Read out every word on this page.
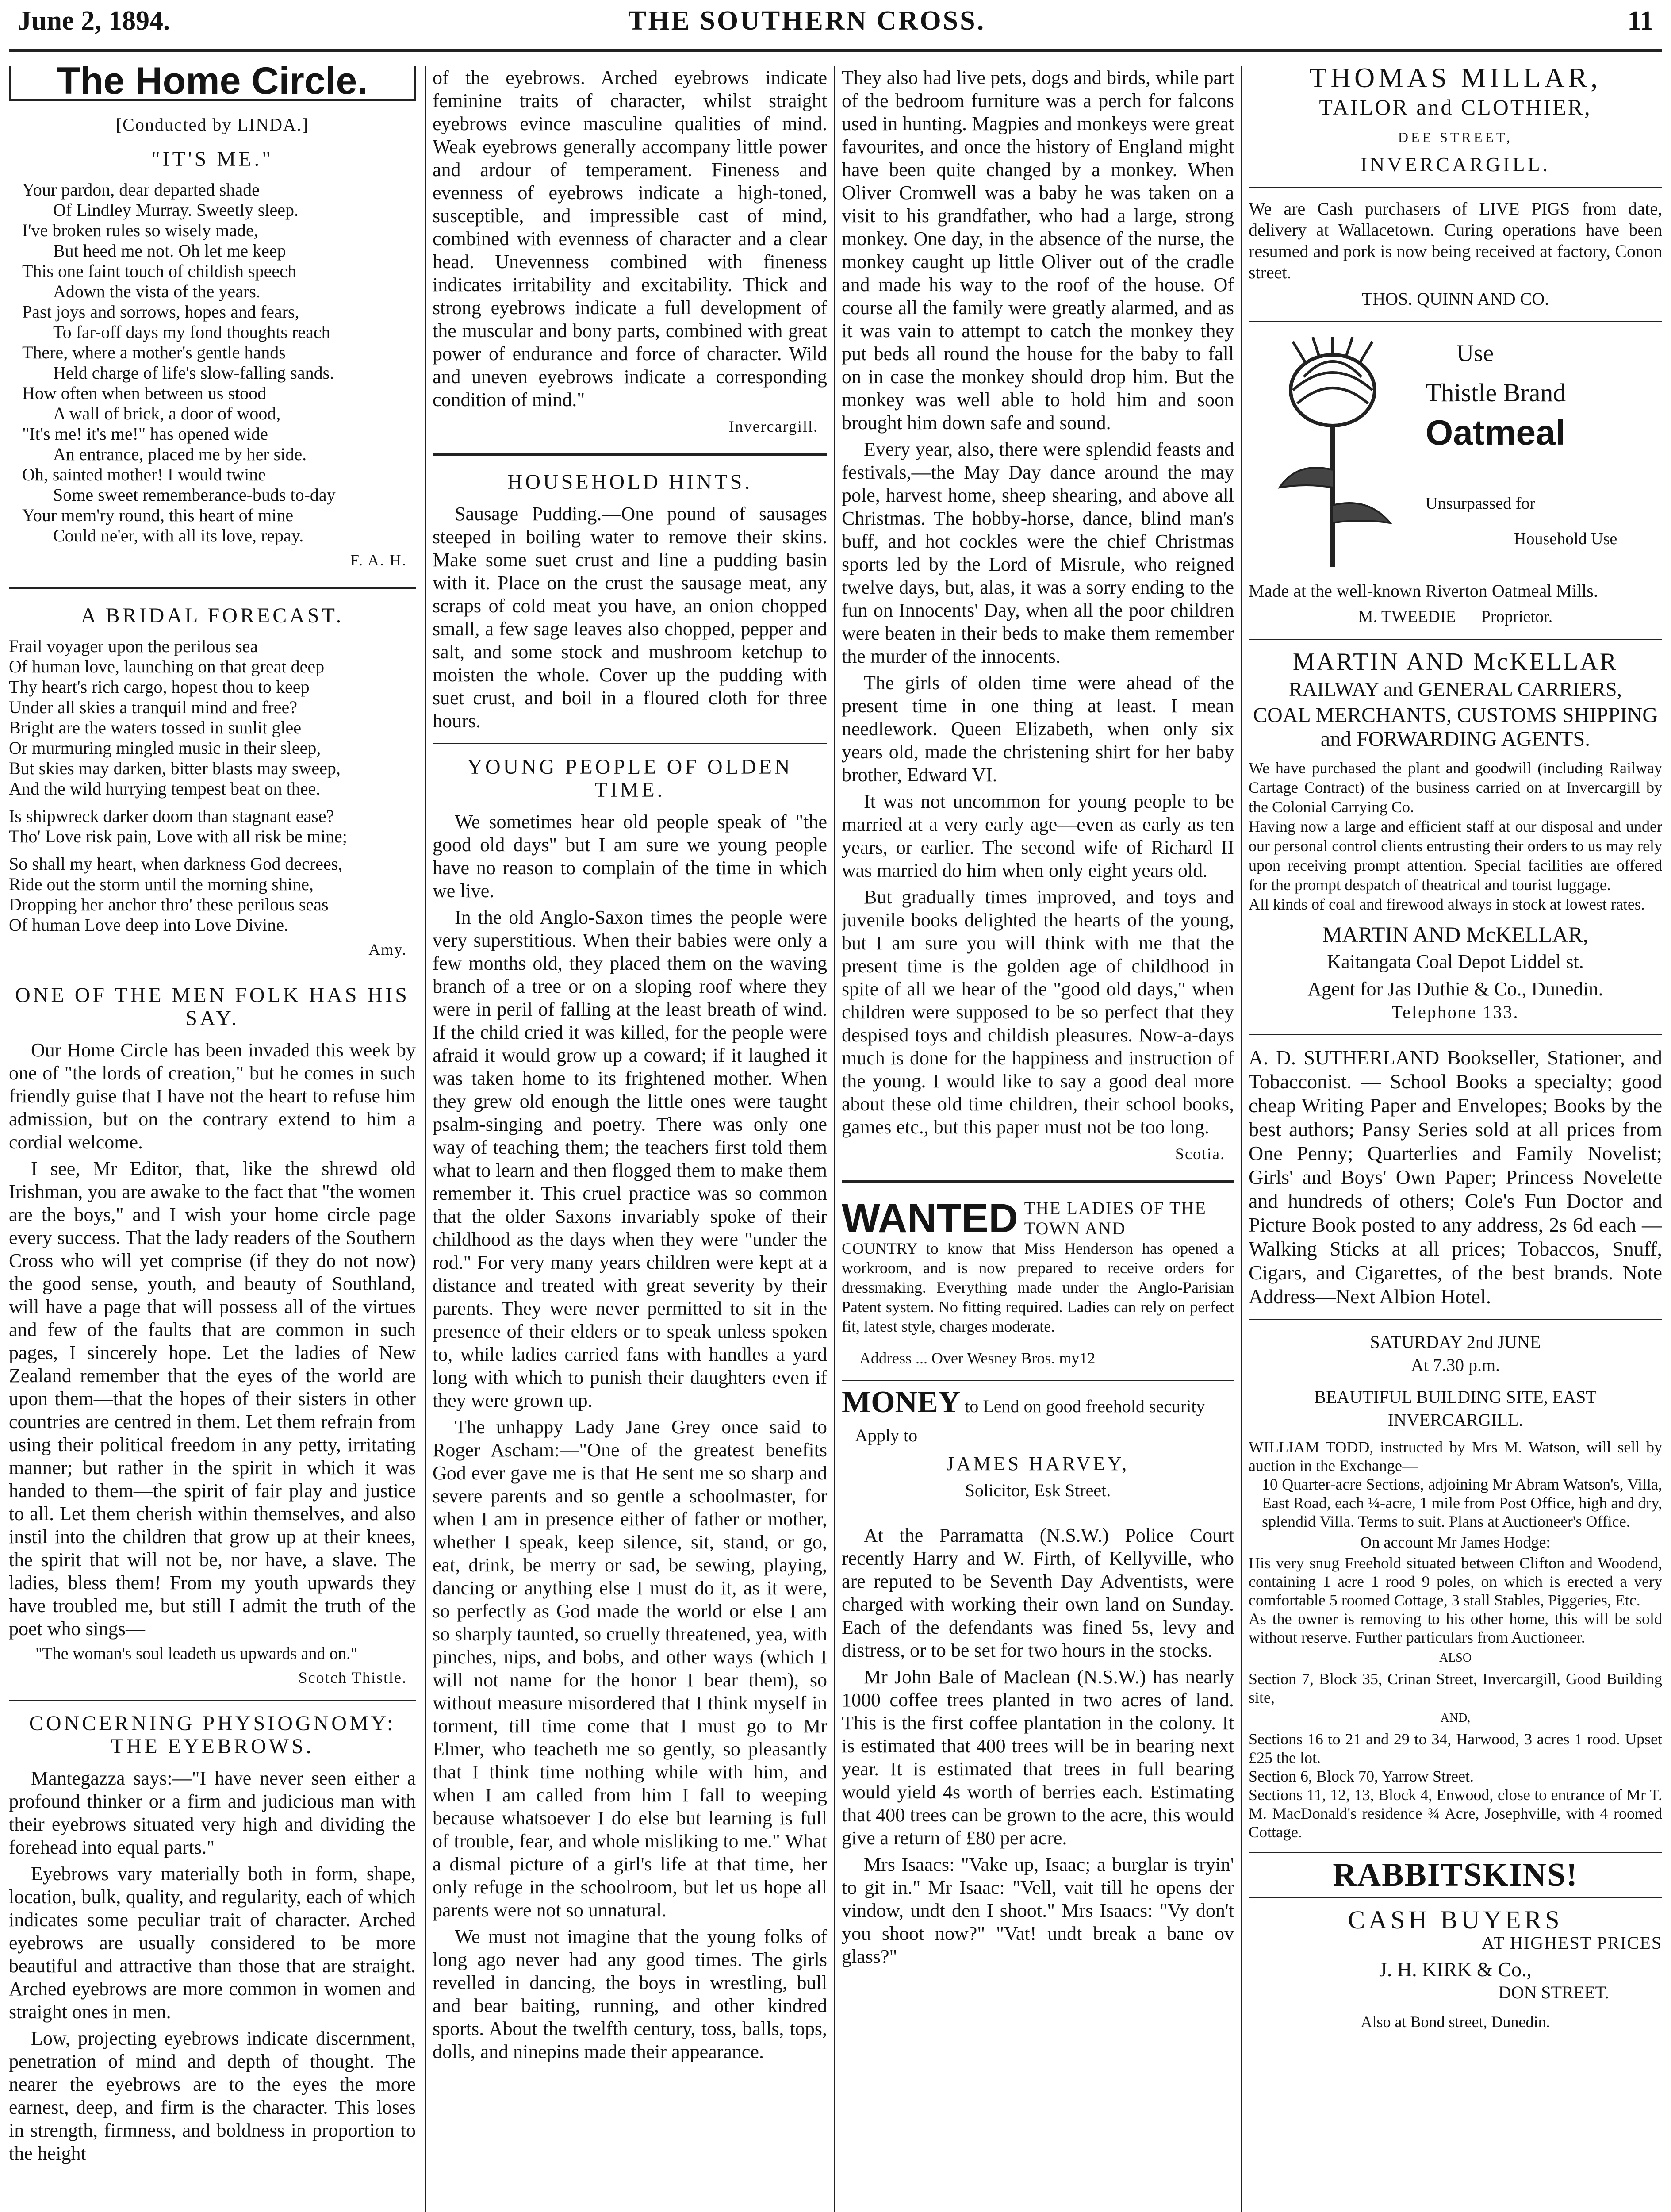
June 2, 1894.	THE SOUTHERN CROSS.	11
The Home Circle.
[Conducted by LINDA.]
"IT'S ME."
Your pardon, dear departed shade
Of Lindley Murray. Sweetly sleep.
I've broken rules so wisely made,
But heed me not. Oh let me keep
This one faint touch of childish speech
Adown the vista of the years.
Past joys and sorrows, hopes and fears,
To far-off days my fond thoughts reach
There, where a mother's gentle hands
Held charge of life's slow-falling sands.
How often when between us stood
A wall of brick, a door of wood,
"It's me! it's me!" has opened wide
An entrance, placed me by her side.
Oh, sainted mother! I would twine
Some sweet rememberance-buds to-day
Your mem'ry round, this heart of mine
Could ne'er, with all its love, repay.
F. A. H.
A BRIDAL FORECAST.
Frail voyager upon the perilous sea
Of human love, launching on that great deep
Thy heart's rich cargo, hopest thou to keep
Under all skies a tranquil mind and free?
Bright are the waters tossed in sunlit glee
Or murmuring mingled music in their sleep,
But skies may darken, bitter blasts may sweep,
And the wild hurrying tempest beat on thee.
Is shipwreck darker doom than stagnant ease?
Tho' Love risk pain, Love with all risk be mine;
So shall my heart, when darkness God decrees,
Ride out the storm until the morning shine,
Dropping her anchor thro' these perilous seas
Of human Love deep into Love Divine.
Amy.
ONE OF THE MEN FOLK HAS HIS SAY.

Our Home Circle has been invaded this week by one of "the lords of creation," but he comes in such friendly guise that I have not the heart to refuse him admission, but on the contrary extend to him a cordial welcome.

I see, Mr Editor, that, like the shrewd old Irishman, you are awake to the fact that "the women are the boys," and I wish your home circle page every success. That the lady readers of the Southern Cross who will yet comprise (if they do not now) the good sense, youth, and beauty of Southland, will have a page that will possess all of the virtues and few of the faults that are common in such pages, I sincerely hope. Let the ladies of New Zealand remember that the eyes of the world are upon them—that the hopes of their sisters in other countries are centred in them. Let them refrain from using their political freedom in any petty, irritating manner; but rather in the spirit in which it was handed to them—the spirit of fair play and justice to all. Let them cherish within themselves, and also instil into the children that grow up at their knees, the spirit that will not be, nor have, a slave. The ladies, bless them! From my youth upwards they have troubled me, but still I admit the truth of the poet who sings—

"The woman's soul leadeth us upwards and on."
Scotch Thistle.
CONCERNING PHYSIOGNOMY: THE EYEBROWS.

Mantegazza says:—"I have never seen either a profound thinker or a firm and judicious man with their eyebrows situated very high and dividing the forehead into equal parts."

Eyebrows vary materially both in form, shape, location, bulk, quality, and regularity, each of which indicates some peculiar trait of character. Arched eyebrows are usually considered to be more beautiful and attractive than those that are straight. Arched eyebrows are more common in women and straight ones in men.

Low, projecting eyebrows indicate discernment, penetration of mind and depth of thought. The nearer the eyebrows are to the eyes the more earnest, deep, and firm is the character. This loses in strength, firmness, and boldness in proportion to the height

of the eyebrows. Arched eyebrows indicate feminine traits of character, whilst straight eyebrows evince masculine qualities of mind. Weak eyebrows generally accompany little power and ardour of temperament. Fineness and evenness of eyebrows indicate a high-toned, susceptible, and impressible cast of mind, combined with evenness of character and a clear head. Unevenness combined with fineness indicates irritability and excitability. Thick and strong eyebrows indicate a full development of the muscular and bony parts, combined with great power of endurance and force of character. Wild and uneven eyebrows indicate a corresponding condition of mind."

Invercargill.
HOUSEHOLD HINTS.

Sausage Pudding.—One pound of sausages steeped in boiling water to remove their skins. Make some suet crust and line a pudding basin with it. Place on the crust the sausage meat, any scraps of cold meat you have, an onion chopped small, a few sage leaves also chopped, pepper and salt, and some stock and mushroom ketchup to moisten the whole. Cover up the pudding with suet crust, and boil in a floured cloth for three hours.

YOUNG PEOPLE OF OLDEN TIME.

We sometimes hear old people speak of "the good old days" but I am sure we young people have no reason to complain of the time in which we live.

In the old Anglo-Saxon times the people were very superstitious. When their babies were only a few months old, they placed them on the waving branch of a tree or on a sloping roof where they were in peril of falling at the least breath of wind. If the child cried it was killed, for the people were afraid it would grow up a coward; if it laughed it was taken home to its frightened mother. When they grew old enough the little ones were taught psalm-singing and poetry. There was only one way of teaching them; the teachers first told them what to learn and then flogged them to make them remember it. This cruel practice was so common that the older Saxons invariably spoke of their childhood as the days when they were "under the rod." For very many years children were kept at a distance and treated with great severity by their parents. They were never permitted to sit in the presence of their elders or to speak unless spoken to, while ladies carried fans with handles a yard long with which to punish their daughters even if they were grown up.

The unhappy Lady Jane Grey once said to Roger Ascham:—"One of the greatest benefits God ever gave me is that He sent me so sharp and severe parents and so gentle a schoolmaster, for when I am in presence either of father or mother, whether I speak, keep silence, sit, stand, or go, eat, drink, be merry or sad, be sewing, playing, dancing or anything else I must do it, as it were, so perfectly as God made the world or else I am so sharply taunted, so cruelly threatened, yea, with pinches, nips, and bobs, and other ways (which I will not name for the honor I bear them), so without measure misordered that I think myself in torment, till time come that I must go to Mr Elmer, who teacheth me so gently, so pleasantly that I think time nothing while with him, and when I am called from him I fall to weeping because whatsoever I do else but learning is full of trouble, fear, and whole misliking to me." What a dismal picture of a girl's life at that time, her only refuge in the schoolroom, but let us hope all parents were not so unnatural.

We must not imagine that the young folks of long ago never had any good times. The girls revelled in dancing, the boys in wrestling, bull and bear baiting, running, and other kindred sports. About the twelfth century, toss, balls, tops, dolls, and ninepins made their appearance.

They also had live pets, dogs and birds, while part of the bedroom furniture was a perch for falcons used in hunting. Magpies and monkeys were great favourites, and once the history of England might have been quite changed by a monkey. When Oliver Cromwell was a baby he was taken on a visit to his grandfather, who had a large, strong monkey. One day, in the absence of the nurse, the monkey caught up little Oliver out of the cradle and made his way to the roof of the house. Of course all the family were greatly alarmed, and as it was vain to attempt to catch the monkey they put beds all round the house for the baby to fall on in case the monkey should drop him. But the monkey was well able to hold him and soon brought him down safe and sound.

Every year, also, there were splendid feasts and festivals,—the May Day dance around the may pole, harvest home, sheep shearing, and above all Christmas. The hobby-horse, dance, blind man's buff, and hot cockles were the chief Christmas sports led by the Lord of Misrule, who reigned twelve days, but, alas, it was a sorry ending to the fun on Innocents' Day, when all the poor children were beaten in their beds to make them remember the murder of the innocents.

The girls of olden time were ahead of the present time in one thing at least. I mean needlework. Queen Elizabeth, when only six years old, made the christening shirt for her baby brother, Edward VI.

It was not uncommon for young people to be married at a very early age—even as early as ten years, or earlier. The second wife of Richard II was married do him when only eight years old.

But gradually times improved, and toys and juvenile books delighted the hearts of the young, but I am sure you will think with me that the present time is the golden age of childhood in spite of all we hear of the "good old days," when children were supposed to be so perfect that they despised toys and childish pleasures. Now-a-days much is done for the happiness and instruction of the young. I would like to say a good deal more about these old time children, their school books, games etc., but this paper must not be too long.

Scotia.
WANTED THE LADIES OF THE TOWN AND
COUNTRY to know that Miss Henderson has opened a workroom, and is now prepared to receive orders for dressmaking. Everything made under the Anglo-Parisian Patent system. No fitting required. Ladies can rely on perfect fit, latest style, charges moderate.
Address ... Over Wesney Bros. my12
MONEY to Lend on good freehold security
Apply to
JAMES HARVEY,
Solicitor, Esk Street.

At the Parramatta (N.S.W.) Police Court recently Harry and W. Firth, of Kellyville, who are reputed to be Seventh Day Adventists, were charged with working their own land on Sunday. Each of the defendants was fined 5s, levy and distress, or to be set for two hours in the stocks.

Mr John Bale of Maclean (N.S.W.) has nearly 1000 coffee trees planted in two acres of land. This is the first coffee plantation in the colony. It is estimated that 400 trees will be in bearing next year. It is estimated that trees in full bearing would yield 4s worth of berries each. Estimating that 400 trees can be grown to the acre, this would give a return of £80 per acre.

Mrs Isaacs: "Vake up, Isaac; a burglar is tryin' to git in." Mr Isaac: "Vell, vait till he opens der vindow, undt den I shoot." Mrs Isaacs: "Vy don't you shoot now?" "Vat! undt break a bane ov glass?"

THOMAS MILLAR,
TAILOR and CLOTHIER,
DEE STREET,
INVERCARGILL.
We are Cash purchasers of LIVE PIGS from date, delivery at Wallacetown. Curing operations have been resumed and pork is now being received at factory, Conon street.
THOS. QUINN AND CO.
Use
Thistle Brand
Oatmeal
Unsurpassed for
Household Use
Made at the well-known Riverton Oatmeal Mills.
M. TWEEDIE — Proprietor.
MARTIN AND McKELLAR
RAILWAY and GENERAL CARRIERS,
COAL MERCHANTS, CUSTOMS SHIPPING and FORWARDING AGENTS.
We have purchased the plant and goodwill (including Railway Cartage Contract) of the business carried on at Invercargill by the Colonial Carrying Co.
Having now a large and efficient staff at our disposal and under our personal control clients entrusting their orders to us may rely upon receiving prompt attention. Special facilities are offered for the prompt despatch of theatrical and tourist luggage.
All kinds of coal and firewood always in stock at lowest rates.
MARTIN AND McKELLAR,
Kaitangata Coal Depot Liddel st.
Agent for Jas Duthie & Co., Dunedin.
Telephone 133.
A. D. SUTHERLAND Bookseller, Stationer, and Tobacconist. — School Books a specialty; good cheap Writing Paper and Envelopes; Books by the best authors; Pansy Series sold at all prices from One Penny; Quarterlies and Family Novelist; Girls' and Boys' Own Paper; Princess Novelette and hundreds of others; Cole's Fun Doctor and Picture Book posted to any address, 2s 6d each — Walking Sticks at all prices; Tobaccos, Snuff, Cigars, and Cigarettes, of the best brands. Note Address—Next Albion Hotel.
SATURDAY 2nd JUNE
At 7.30 p.m.
BEAUTIFUL BUILDING SITE, EAST INVERCARGILL.
WILLIAM TODD, instructed by Mrs M. Watson, will sell by auction in the Exchange—
10 Quarter-acre Sections, adjoining Mr Abram Watson's, Villa, East Road, each ¼-acre, 1 mile from Post Office, high and dry, splendid Villa. Terms to suit. Plans at Auctioneer's Office.
On account Mr James Hodge:
His very snug Freehold situated between Clifton and Woodend, containing 1 acre 1 rood 9 poles, on which is erected a very comfortable 5 roomed Cottage, 3 stall Stables, Piggeries, Etc.
As the owner is removing to his other home, this will be sold without reserve. Further particulars from Auctioneer.
ALSO
Section 7, Block 35, Crinan Street, Invercargill, Good Building site,
AND,
Sections 16 to 21 and 29 to 34, Harwood, 3 acres 1 rood. Upset £25 the lot.
Section 6, Block 70, Yarrow Street.
Sections 11, 12, 13, Block 4, Enwood, close to entrance of Mr T. M. MacDonald's residence ¾ Acre, Josephville, with 4 roomed Cottage.
RABBITSKINS!
CASH BUYERS
AT HIGHEST PRICES
J. H. KIRK & Co.,
DON STREET.
Also at Bond street, Dunedin.
